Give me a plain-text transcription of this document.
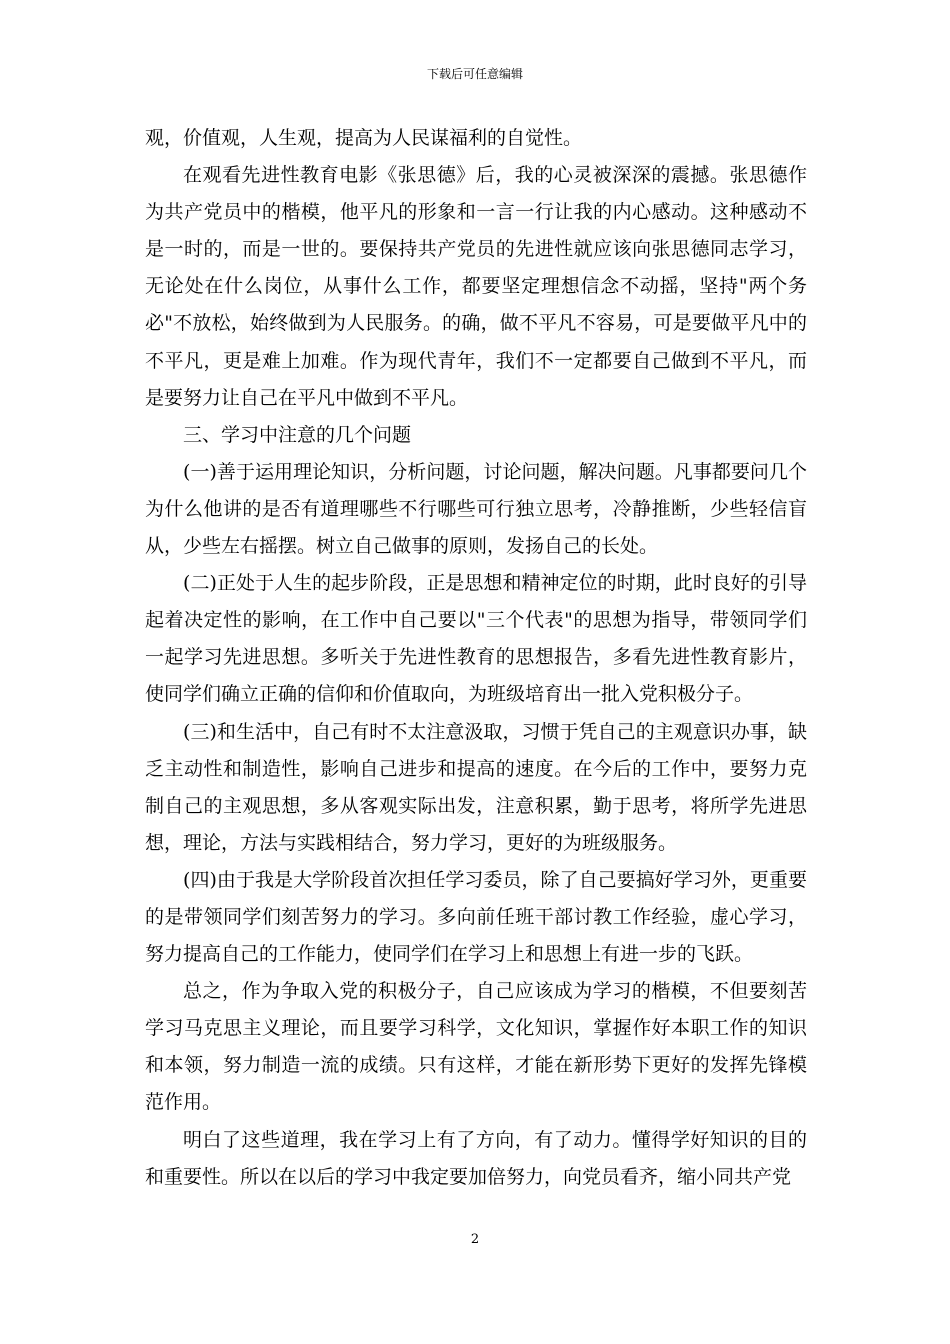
下载后可任意编辑

观，价值观，人生观，提高为人民谋福利的自觉性。

在观看先进性教育电影《张思德》后，我的心灵被深深的震撼。张思德作为共产党员中的楷模，他平凡的形象和一言一行让我的内心感动。这种感动不是一时的，而是一世的。要保持共产党员的先进性就应该向张思德同志学习，无论处在什么岗位，从事什么工作，都要坚定理想信念不动摇，坚持"两个务必"不放松，始终做到为人民服务。的确，做不平凡不容易，可是要做平凡中的不平凡，更是难上加难。作为现代青年，我们不一定都要自己做到不平凡，而是要努力让自己在平凡中做到不平凡。

三、学习中注意的几个问题

(一)善于运用理论知识，分析问题，讨论问题，解决问题。凡事都要问几个为什么他讲的是否有道理哪些不行哪些可行独立思考，冷静推断，少些轻信盲从，少些左右摇摆。树立自己做事的原则，发扬自己的长处。

(二)正处于人生的起步阶段，正是思想和精神定位的时期，此时良好的引导起着决定性的影响，在工作中自己要以"三个代表"的思想为指导，带领同学们一起学习先进思想。多听关于先进性教育的思想报告，多看先进性教育影片，使同学们确立正确的信仰和价值取向，为班级培育出一批入党积极分子。

(三)和生活中，自己有时不太注意汲取，习惯于凭自己的主观意识办事，缺乏主动性和制造性，影响自己进步和提高的速度。在今后的工作中，要努力克制自己的主观思想，多从客观实际出发，注意积累，勤于思考，将所学先进思想，理论，方法与实践相结合，努力学习，更好的为班级服务。

(四)由于我是大学阶段首次担任学习委员，除了自己要搞好学习外，更重要的是带领同学们刻苦努力的学习。多向前任班干部讨教工作经验，虚心学习，努力提高自己的工作能力，使同学们在学习上和思想上有进一步的飞跃。

总之，作为争取入党的积极分子，自己应该成为学习的楷模，不但要刻苦学习马克思主义理论，而且要学习科学，文化知识，掌握作好本职工作的知识和本领，努力制造一流的成绩。只有这样，才能在新形势下更好的发挥先锋模范作用。

明白了这些道理，我在学习上有了方向，有了动力。懂得学好知识的目的和重要性。所以在以后的学习中我定要加倍努力，向党员看齐，缩小同共产党

2
